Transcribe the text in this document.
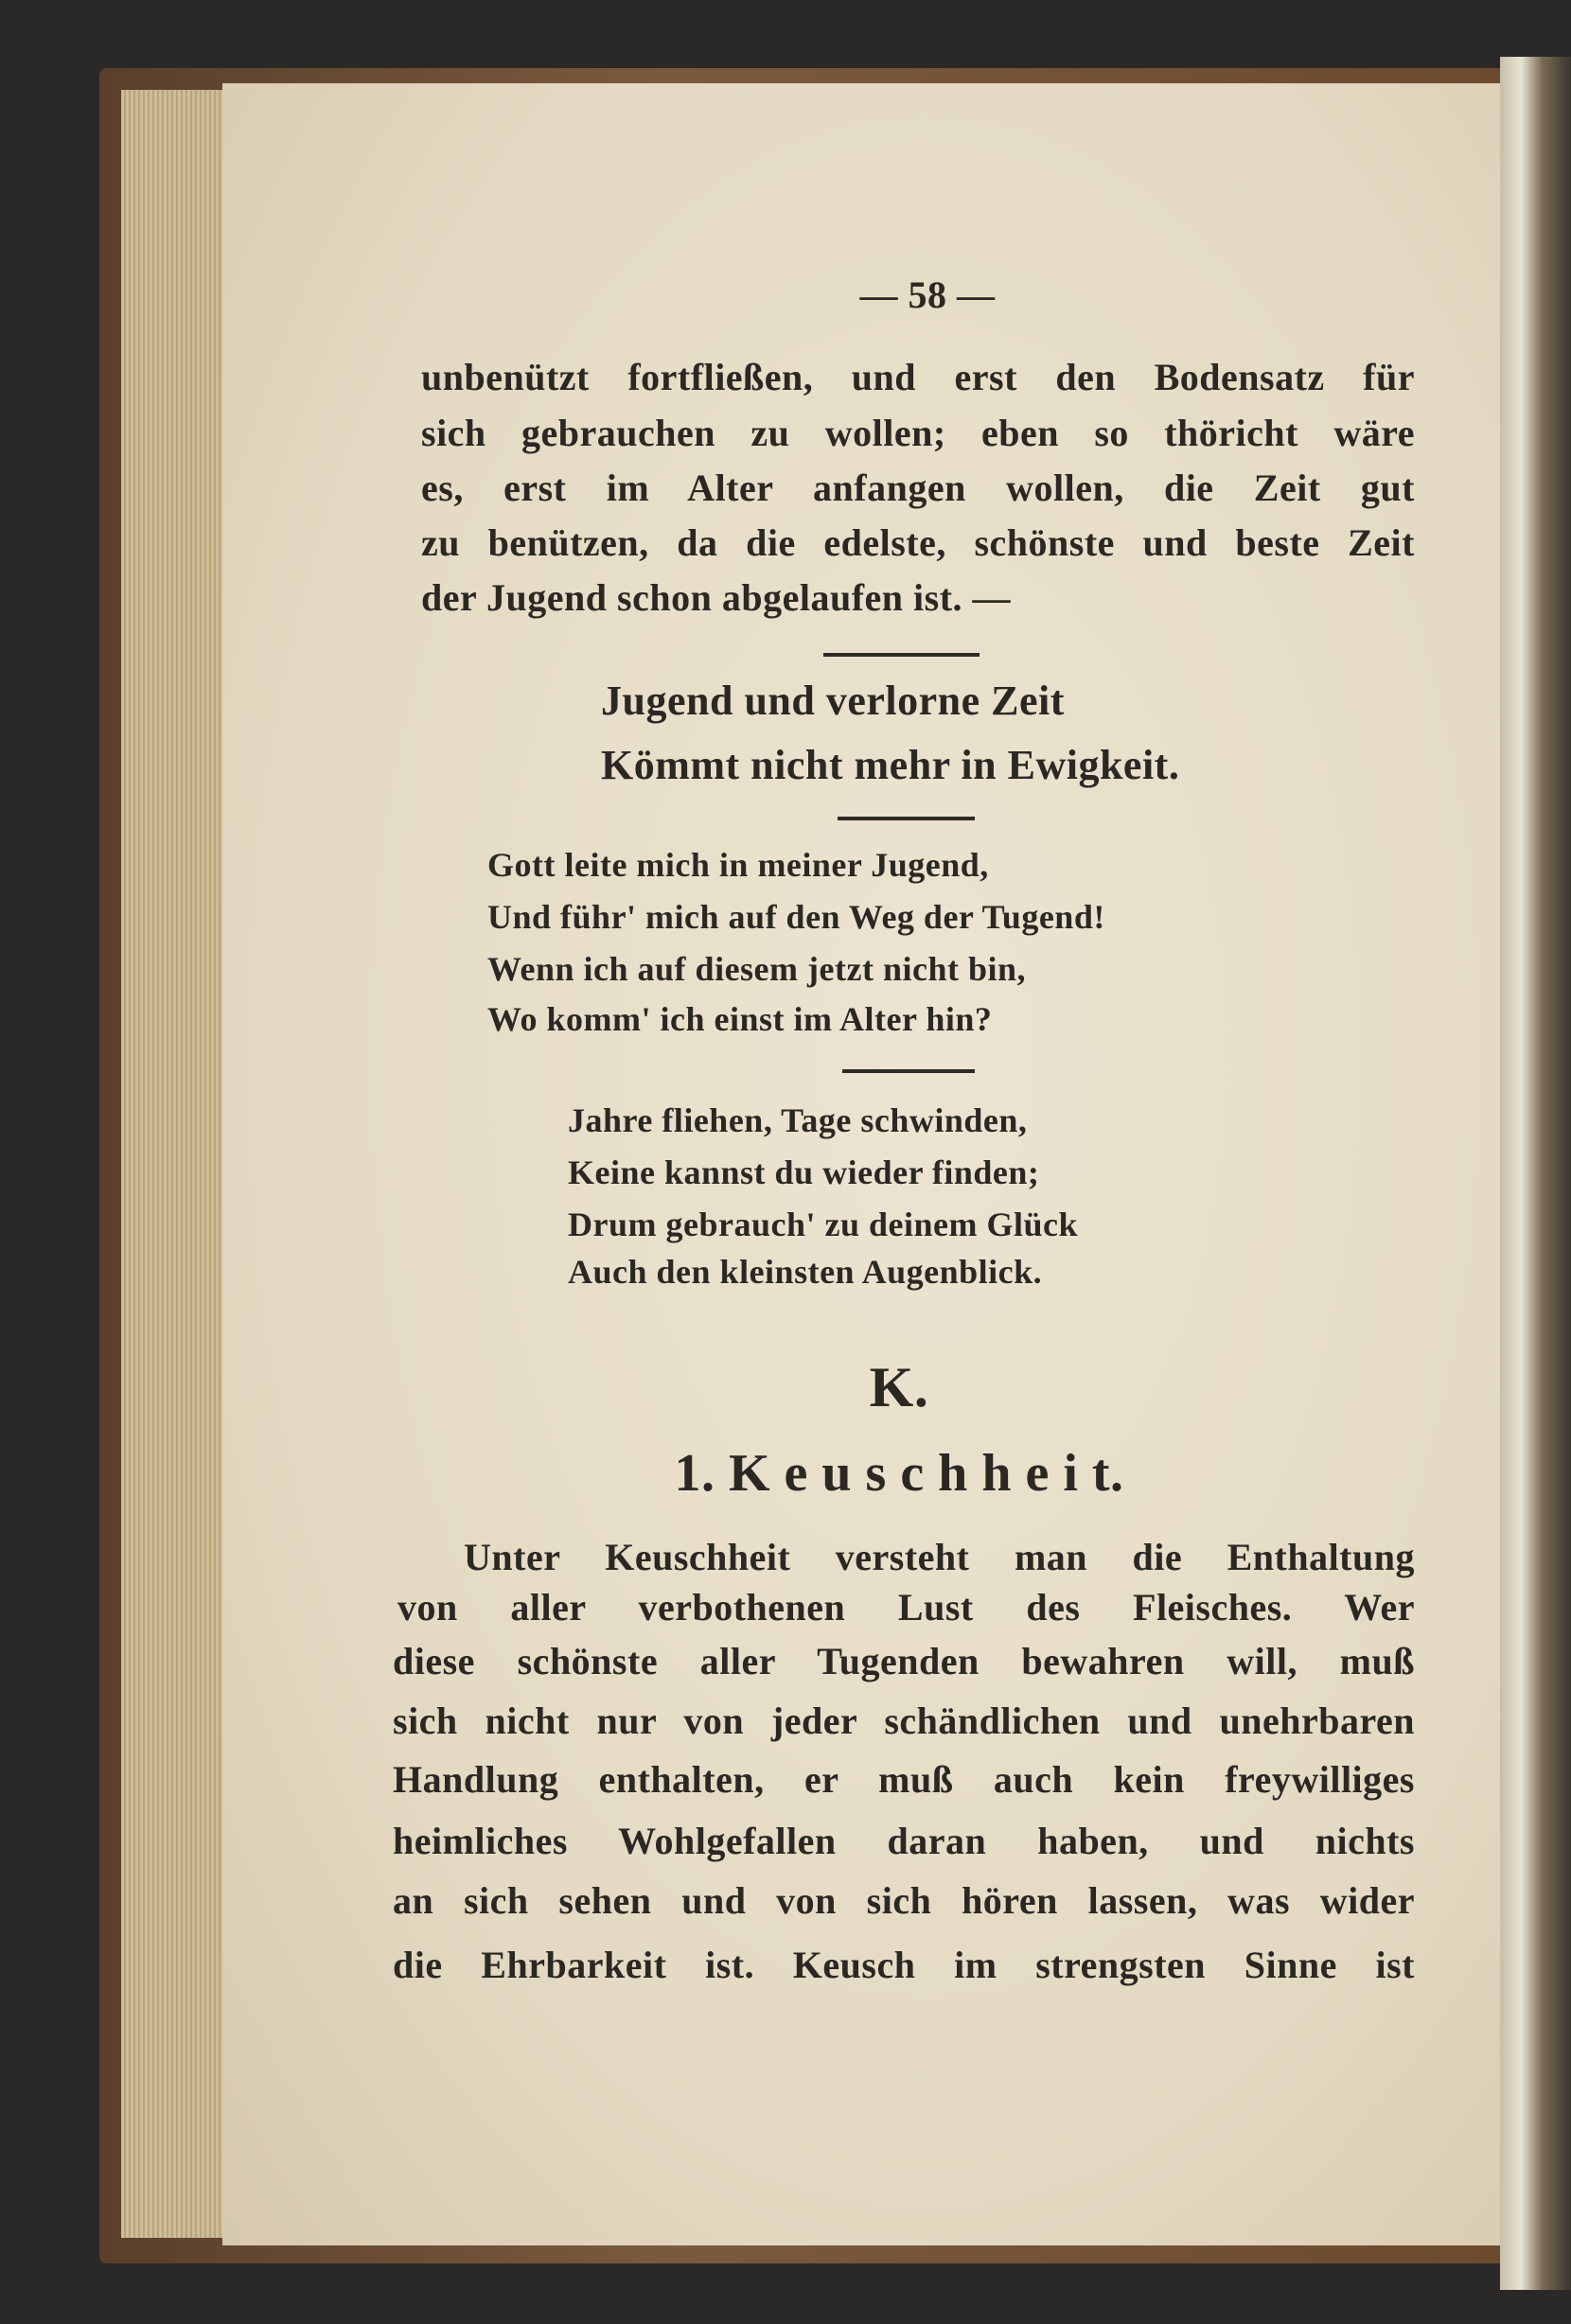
— 58 —
unbenützt fortfließen, und erst den Bodensatz für
sich gebrauchen zu wollen; eben so thöricht wäre
es, erst im Alter anfangen wollen, die Zeit gut
zu benützen, da die edelste, schönste und beste Zeit
der Jugend schon abgelaufen ist. —
Jugend und verlorne Zeit
Kömmt nicht mehr in Ewigkeit.
Gott leite mich in meiner Jugend,
Und führ' mich auf den Weg der Tugend!
Wenn ich auf diesem jetzt nicht bin,
Wo komm' ich einst im Alter hin?
Jahre fliehen, Tage schwinden,
Keine kannst du wieder finden;
Drum gebrauch' zu deinem Glück
Auch den kleinsten Augenblick.
K.
1. K e u s c h h e i t.
Unter Keuschheit versteht man die Enthaltung
von aller verbothenen Lust des Fleisches. Wer
diese schönste aller Tugenden bewahren will, muß
sich nicht nur von jeder schändlichen und unehrbaren
Handlung enthalten, er muß auch kein freywilliges
heimliches Wohlgefallen daran haben, und nichts
an sich sehen und von sich hören lassen, was wider
die Ehrbarkeit ist. Keusch im strengsten Sinne ist
